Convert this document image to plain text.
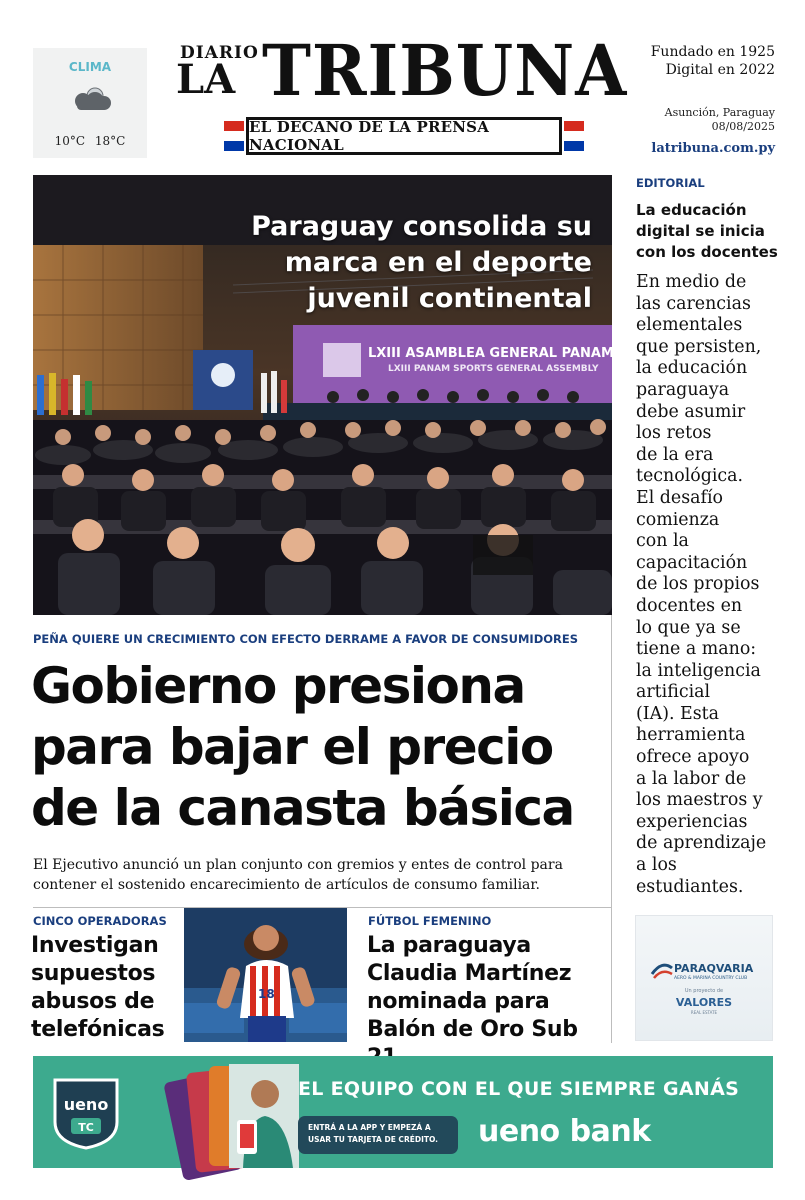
CLIMA
10°C 18°C
DIARIO
LA TRIBUNA
EL DECANO DE LA PRENSA NACIONAL
Fundado en 1925
Digital en 2022
Asunción, Paraguay
08/08/2025
latribuna.com.py
LXIII ASAMBLEA GENERAL PANAM SPORTS
LXIII PANAM SPORTS GENERAL ASSEMBLY
Paraguay consolida su marca en el deporte juvenil continental
PEÑA QUIERE UN CRECIMIENTO CON EFECTO DERRAME A FAVOR DE CONSUMIDORES
Gobierno presiona
para bajar el precio
de la canasta básica
El Ejecutivo anunció un plan conjunto con gremios y entes de control para contener el sostenido encarecimiento de artículos de consumo familiar.
CINCO OPERADORAS
Investigan
supuestos
abusos de
telefónicas
18
FÚTBOL FEMENINO
La paraguaya
Claudia Martínez
nominada para
Balón de Oro Sub
EDITORIAL
La educación digital se inicia con los docentes
En medio de
las carencias
elementales
que persisten,
la educación
paraguaya
debe asumir
los retos
de la era
tecnológica.
El desafío
comienza
con la
capacitación
de los propios
docentes en
lo que ya se
tiene a mano:
la inteligencia
artificial
(IA). Esta
herramienta
ofrece apoyo
a la labor de
los maestros y
experiencias
de aprendizaje
a los
estudiantes.
PARAQVARIA
AERO & MARINA COUNTRY CLUB
Un proyecto de
VALORES
REAL ESTATE
ueno
TC
EL EQUIPO CON EL QUE SIEMPRE GANÁS
ENTRÁ A LA APP Y EMPEZÁ A
USAR TU TARJETA DE CRÉDITO.	ueno bank
